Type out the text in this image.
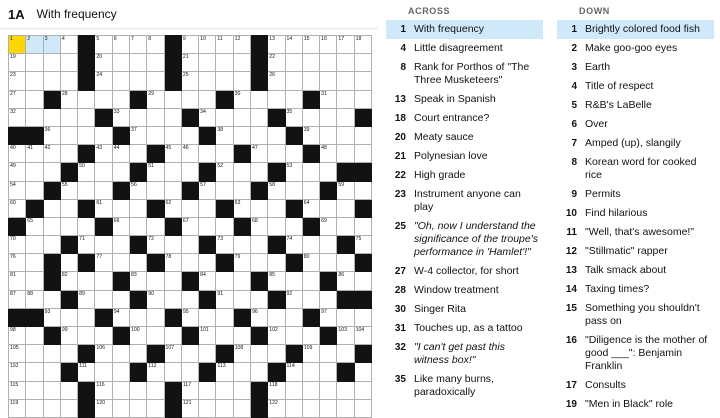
1A With frequency
1	2	3	4		5	6	7	8		9	10	11	12		13	14	15	16	17	18

19					20					21					22					

23					24					25					26					

27			28					29					30					31		

32						33					34					35				

		36					37					38					39			

40	41	42			43	44			45	46				47				48		

49				50				51				52				53				

54			55				56				57				58				59	

60					61				62				63				64			

	65					66				67				68				69		

70				71				72				73				74				75

76					77				78				79				80			

81			82				83				84				85				86	

87	88			89				90				91				92				

		93				94				95				96				97		

98			99				100				101				102				103	104

105					106				107				108				109			

110				111				112				113				114				

115					116					117					118					

119					120					121					122					

ACROSS
1 With frequency
4 Little disagreement
8 Rank for Porthos of "The Three Musketeers"
13 Speak in Spanish
18 Court entrance?
20 Meaty sauce
21 Polynesian love
22 High grade
23 Instrument anyone can play
25 "Oh, now I understand the significance of the troupe's performance in 'Hamlet'!"
27 W-4 collector, for short
28 Window treatment
30 Singer Rita
31 Touches up, as a tattoo
32 "I can't get past this witness box!"
35 Like many burns, paradoxically
DOWN
1 Brightly colored food fish
2 Make goo-goo eyes
3 Earth
4 Title of respect
5 R&B's LaBelle
6 Over
7 Amped (up), slangily
8 Korean word for cooked rice
9 Permits
10 Find hilarious
11 "Well, that's awesome!"
12 "Stillmatic" rapper
13 Talk smack about
14 Taxing times?
15 Something you shouldn't pass on
16 "Diligence is the mother of good ___": Benjamin Franklin
17 Consults
19 "Men in Black" role
